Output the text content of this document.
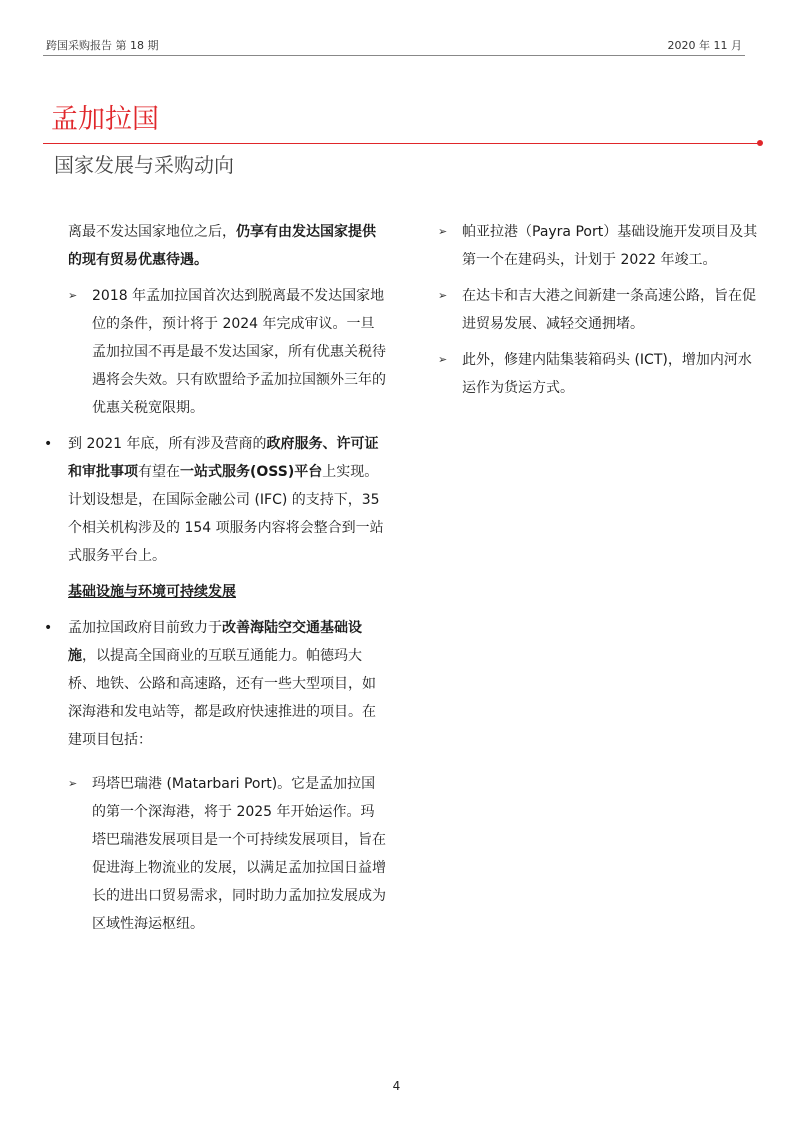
跨国采购报告 第 18 期	2020 年 11 月
孟加拉国
国家发展与采购动向

离最不发达国家地位之后，仍享有由发达国家提供的现有贸易优惠待遇。

➢ 2018 年孟加拉国首次达到脱离最不发达国家地位的条件，预计将于 2024 年完成审议。一旦孟加拉国不再是最不发达国家，所有优惠关税待遇将会失效。只有欧盟给予孟加拉国额外三年的优惠关税宽限期。

• 到 2021 年底，所有涉及营商的政府服务、许可证和审批事项有望在一站式服务(OSS)平台上实现。计划设想是，在国际金融公司 (IFC) 的支持下，35 个相关机构涉及的 154 项服务内容将会整合到一站式服务平台上。

基础设施与环境可持续发展

• 孟加拉国政府目前致力于改善海陆空交通基础设施，以提高全国商业的互联互通能力。帕德玛大桥、地铁、公路和高速路，还有一些大型项目，如深海港和发电站等，都是政府快速推进的项目。在建项目包括：

➢ 玛塔巴瑞港 (Matarbari Port)。它是孟加拉国的第一个深海港，将于 2025 年开始运作。玛塔巴瑞港发展项目是一个可持续发展项目，旨在促进海上物流业的发展，以满足孟加拉国日益增长的进出口贸易需求，同时助力孟加拉发展成为区域性海运枢纽。

➢ 帕亚拉港（Payra Port）基础设施开发项目及其第一个在建码头，计划于 2022 年竣工。

➢ 在达卡和吉大港之间新建一条高速公路，旨在促进贸易发展、减轻交通拥堵。

➢ 此外，修建内陆集装箱码头 (ICT)，增加内河水运作为货运方式。

4
